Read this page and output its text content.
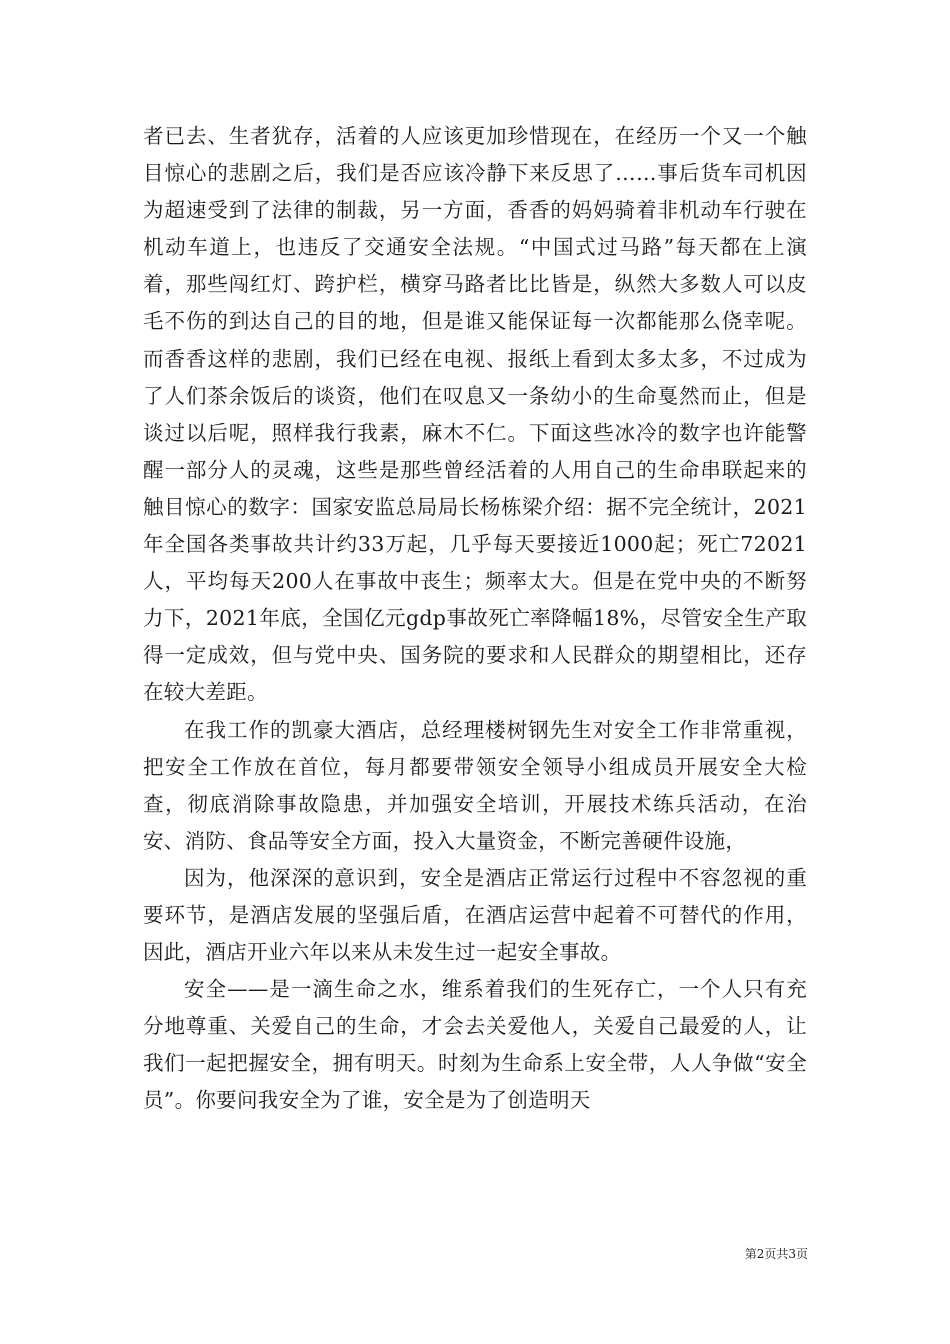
者已去、生者犹存，活着的人应该更加珍惜现在，在经历一个又一个触目惊心的悲剧之后，我们是否应该冷静下来反思了……事后货车司机因为超速受到了法律的制裁，另一方面，香香的妈妈骑着非机动车行驶在机动车道上，也违反了交通安全法规。“中国式过马路”每天都在上演着，那些闯红灯、跨护栏，横穿马路者比比皆是，纵然大多数人可以皮毛不伤的到达自己的目的地，但是谁又能保证每一次都能那么侥幸呢。而香香这样的悲剧，我们已经在电视、报纸上看到太多太多，不过成为了人们茶余饭后的谈资，他们在叹息又一条幼小的生命戛然而止，但是谈过以后呢，照样我行我素，麻木不仁。下面这些冰冷的数字也许能警醒一部分人的灵魂，这些是那些曾经活着的人用自己的生命串联起来的触目惊心的数字：国家安监总局局长杨栋梁介绍：据不完全统计，2021年全国各类事故共计约33万起，几乎每天要接近1000起；死亡72021人，平均每天200人在事故中丧生；频率太大。但是在党中央的不断努力下，2021年底，全国亿元gdp事故死亡率降幅18%，尽管安全生产取得一定成效，但与党中央、国务院的要求和人民群众的期望相比，还存在较大差距。

在我工作的凯豪大酒店，总经理楼树钢先生对安全工作非常重视，把安全工作放在首位，每月都要带领安全领导小组成员开展安全大检查，彻底消除事故隐患，并加强安全培训，开展技术练兵活动，在治安、消防、食品等安全方面，投入大量资金，不断完善硬件设施，

因为，他深深的意识到，安全是酒店正常运行过程中不容忽视的重要环节，是酒店发展的坚强后盾，在酒店运营中起着不可替代的作用，因此，酒店开业六年以来从未发生过一起安全事故。

安全——是一滴生命之水，维系着我们的生死存亡，一个人只有充分地尊重、关爱自己的生命，才会去关爱他人，关爱自己最爱的人，让我们一起把握安全，拥有明天。时刻为生命系上安全带，人人争做“安全员”。你要问我安全为了谁，安全是为了创造明天

第2页共3页
